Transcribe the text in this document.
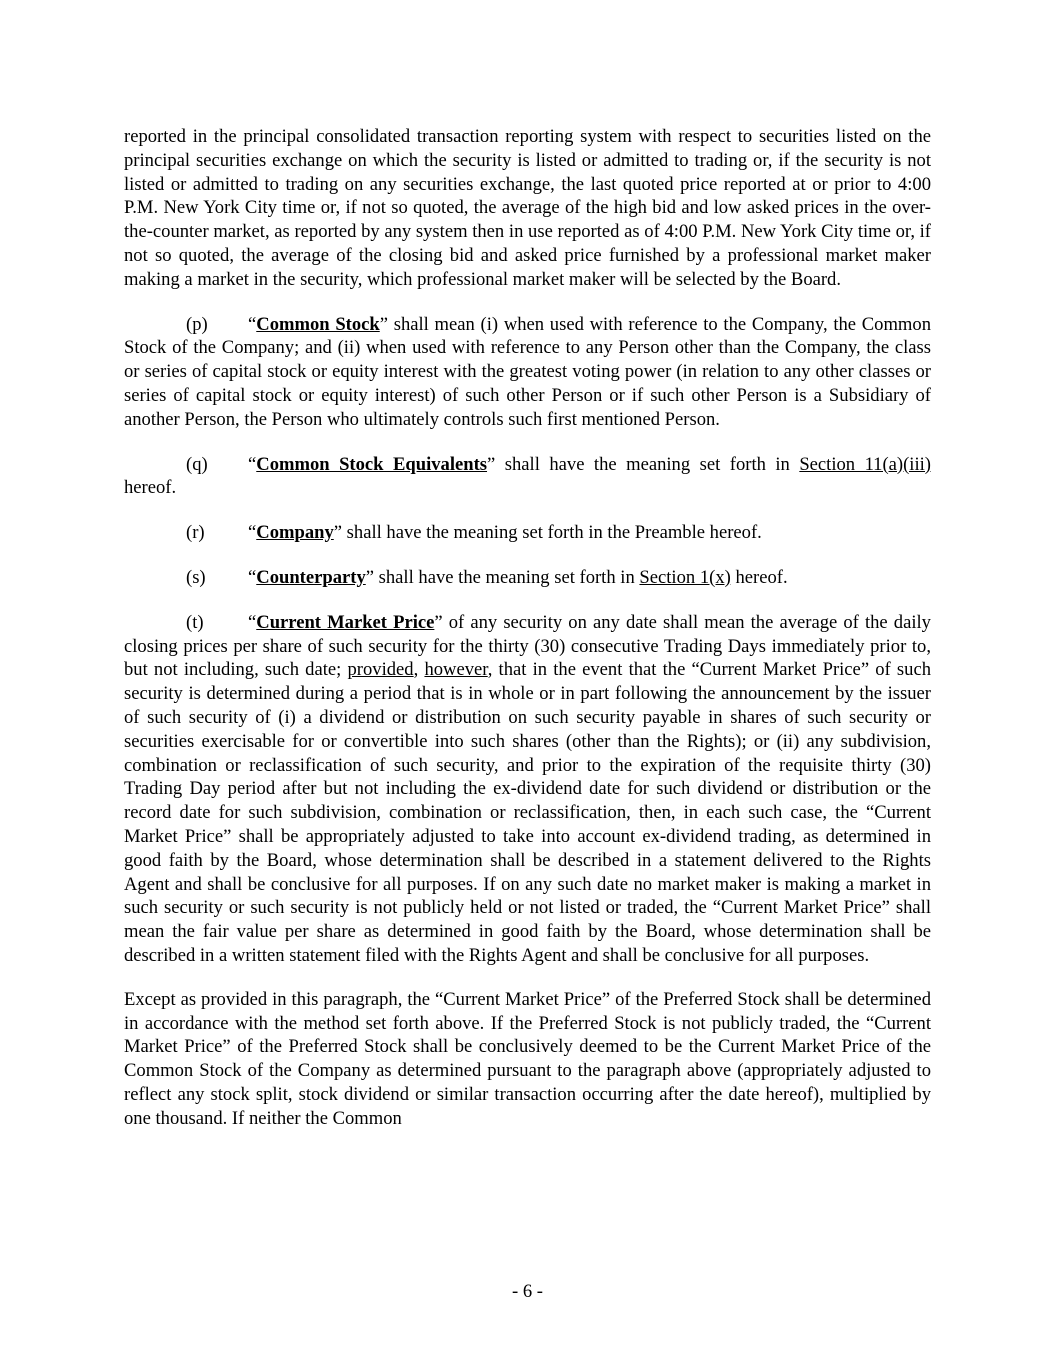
reported in the principal consolidated transaction reporting system with respect to securities listed on the principal securities exchange on which the security is listed or admitted to trading or, if the security is not listed or admitted to trading on any securities exchange, the last quoted price reported at or prior to 4:00 P.M. New York City time or, if not so quoted, the average of the high bid and low asked prices in the over-the-counter market, as reported by any system then in use reported as of 4:00 P.M. New York City time or, if not so quoted, the average of the closing bid and asked price furnished by a professional market maker making a market in the security, which professional market maker will be selected by the Board.

(p) “Common Stock” shall mean (i) when used with reference to the Company, the Common Stock of the Company; and (ii) when used with reference to any Person other than the Company, the class or series of capital stock or equity interest with the greatest voting power (in relation to any other classes or series of capital stock or equity interest) of such other Person or if such other Person is a Subsidiary of another Person, the Person who ultimately controls such first mentioned Person.

(q) “Common Stock Equivalents” shall have the meaning set forth in Section 11(a)(iii) hereof.

(r) “Company” shall have the meaning set forth in the Preamble hereof.

(s) “Counterparty” shall have the meaning set forth in Section 1(x) hereof.

(t) “Current Market Price” of any security on any date shall mean the average of the daily closing prices per share of such security for the thirty (30) consecutive Trading Days immediately prior to, but not including, such date; provided, however, that in the event that the “Current Market Price” of such security is determined during a period that is in whole or in part following the announcement by the issuer of such security of (i) a dividend or distribution on such security payable in shares of such security or securities exercisable for or convertible into such shares (other than the Rights); or (ii) any subdivision, combination or reclassification of such security, and prior to the expiration of the requisite thirty (30) Trading Day period after but not including the ex-dividend date for such dividend or distribution or the record date for such subdivision, combination or reclassification, then, in each such case, the “Current Market Price” shall be appropriately adjusted to take into account ex-dividend trading, as determined in good faith by the Board, whose determination shall be described in a statement delivered to the Rights Agent and shall be conclusive for all purposes. If on any such date no market maker is making a market in such security or such security is not publicly held or not listed or traded, the “Current Market Price” shall mean the fair value per share as determined in good faith by the Board, whose determination shall be described in a written statement filed with the Rights Agent and shall be conclusive for all purposes.

Except as provided in this paragraph, the “Current Market Price” of the Preferred Stock shall be determined in accordance with the method set forth above. If the Preferred Stock is not publicly traded, the “Current Market Price” of the Preferred Stock shall be conclusively deemed to be the Current Market Price of the Common Stock of the Company as determined pursuant to the paragraph above (appropriately adjusted to reflect any stock split, stock dividend or similar transaction occurring after the date hereof), multiplied by one thousand. If neither the Common

- 6 -
